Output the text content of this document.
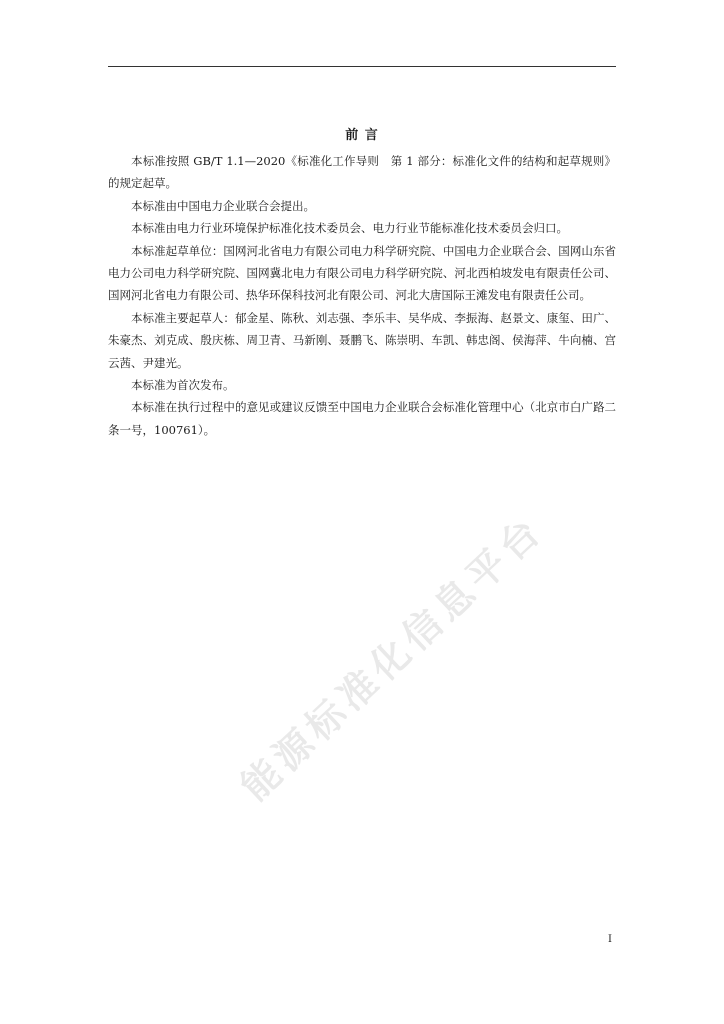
前 言

本标准按照 GB/T 1.1—2020《标准化工作导则　第 1 部分：标准化文件的结构和起草规则》的规定起草。

本标准由中国电力企业联合会提出。

本标准由电力行业环境保护标准化技术委员会、电力行业节能标准化技术委员会归口。

本标准起草单位：国网河北省电力有限公司电力科学研究院、中国电力企业联合会、国网山东省电力公司电力科学研究院、国网冀北电力有限公司电力科学研究院、河北西柏坡发电有限责任公司、国网河北省电力有限公司、热华环保科技河北有限公司、河北大唐国际王滩发电有限责任公司。

本标准主要起草人：郁金星、陈秋、刘志强、李乐丰、吴华成、李振海、赵景文、康玺、田广、朱豪杰、刘克成、殷庆栋、周卫青、马新刚、聂鹏飞、陈崇明、车凯、韩忠阁、侯海萍、牛向楠、宫云茜、尹建光。

本标准为首次发布。

本标准在执行过程中的意见或建议反馈至中国电力企业联合会标准化管理中心（北京市白广路二条一号，100761）。

能源标准化信息平台
I
